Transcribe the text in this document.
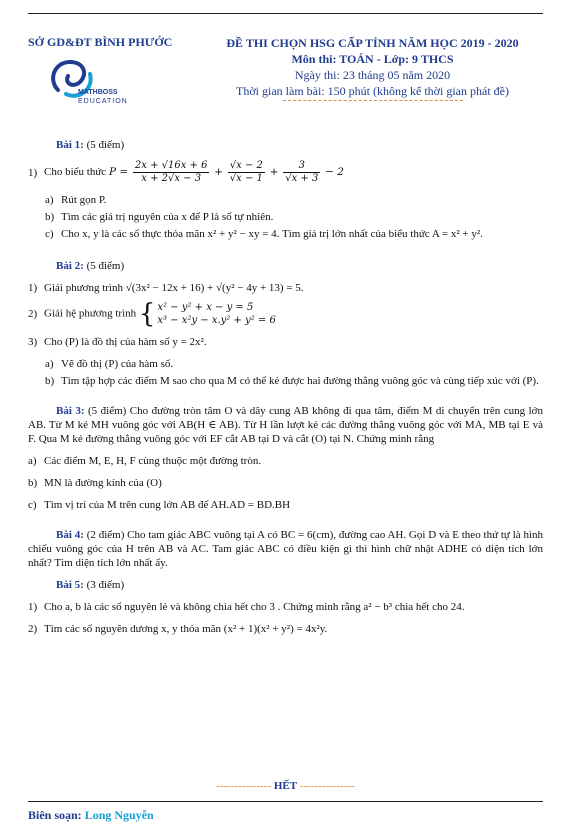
SỞ GD&ĐT BÌNH PHƯỚC
MATHBOSS
EDUCATION
ĐỀ THI CHỌN HSG CẤP TỈNH NĂM HỌC 2019 - 2020
Môn thi: TOÁN - Lớp: 9 THCS
Ngày thi: 23 tháng 05 năm 2020
Thời gian làm bài: 150 phút (không kể thời gian phát đề)
Bài 1: (5 điểm)
1) Cho biểu thức $P = \frac{2x + √16x + 6}{x + 2√x - 3} + \frac{√x - 2}{√x - 1} + \frac{3}{√x + 3} - 2$
a) Rút gọn P.
b) Tìm các giá trị nguyên của x để P là số tự nhiên.
c) Cho x, y là các số thực thỏa mãn x² + y² − xy = 4. Tìm giá trị lớn nhất của biểu thức A = x² + y².
Bài 2: (5 điểm)
1) Giải phương trình √(3x² − 12x + 16) + √(y² − 4y + 13) = 5.
2) Giải hệ phương trình { x² − y² + x − y = 5
x³ − x²y − x.y² + y² = 6
3) Cho (P) là đồ thị của hàm số y = 2x².
a) Vẽ đồ thị (P) của hàm số.
b) Tìm tập hợp các điểm M sao cho qua M có thể kẻ được hai đường thẳng vuông góc và cùng tiếp xúc với (P).
Bài 3: (5 điểm) Cho đường tròn tâm O và dây cung AB không đi qua tâm, điểm M di chuyển trên cung lớn AB. Từ M kẻ MH vuông góc với AB(H ∈ AB). Từ H lần lượt kẻ các đường thẳng vuông góc với MA, MB tại E và F. Qua M kẻ đường thẳng vuông góc với EF cắt AB tại D và cắt (O) tại N. Chứng minh rằng
a) Các điểm M, E, H, F cùng thuộc một đường tròn.
b) MN là đường kính của (O)
c) Tìm vị trí của M trên cung lớn AB để AH.AD = BD.BH
Bài 4: (2 điểm) Cho tam giác ABC vuông tại A có BC = 6(cm), đường cao AH. Gọi D và E theo thứ tự là hình chiếu vuông góc của H trên AB và AC. Tam giác ABC có điều kiện gì thì hình chữ nhật ADHE có diện tích lớn nhất? Tìm diện tích lớn nhất ấy.
Bài 5: (3 điểm)
1) Cho a, b là các số nguyên lẻ và không chia hết cho 3 . Chứng minh rằng a² − b³ chia hết cho 24.
2) Tìm các số nguyên dương x, y thỏa mãn (x² + 1)(x² + y²) = 4x²y.
--------------- HẾT ---------------
Biên soạn: Long Nguyễn
